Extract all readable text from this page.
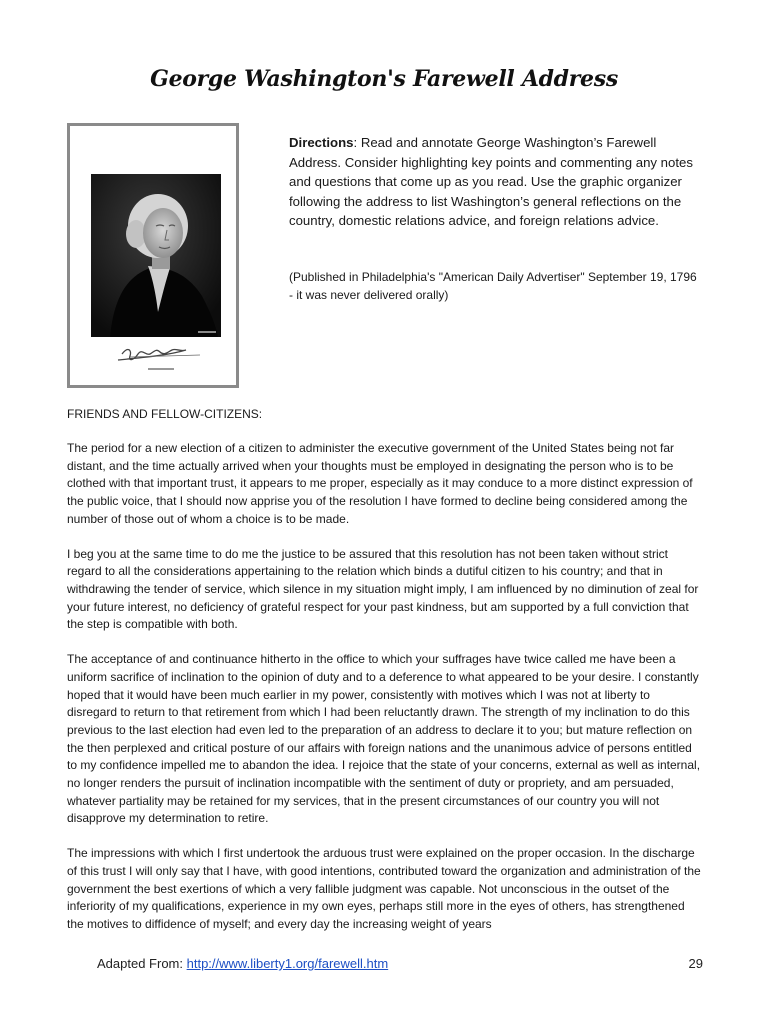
George Washington's Farewell Address
Directions: Read and annotate George Washington’s Farewell Address. Consider highlighting key points and commenting any notes and questions that come up as you read. Use the graphic organizer following the address to list Washington’s general reflections on the country, domestic relations advice, and foreign relations advice.
(Published in Philadelphia's "American Daily Advertiser" September 19, 1796 - it was never delivered orally)
FRIENDS AND FELLOW-CITIZENS:

The period for a new election of a citizen to administer the executive government of the United States being not far distant, and the time actually arrived when your thoughts must be employed in designating the person who is to be clothed with that important trust, it appears to me proper, especially as it may conduce to a more distinct expression of the public voice, that I should now apprise you of the resolution I have formed to decline being considered among the number of those out of whom a choice is to be made.

I beg you at the same time to do me the justice to be assured that this resolution has not been taken without strict regard to all the considerations appertaining to the relation which binds a dutiful citizen to his country; and that in withdrawing the tender of service, which silence in my situation might imply, I am influenced by no diminution of zeal for your future interest, no deficiency of grateful respect for your past kindness, but am supported by a full conviction that the step is compatible with both.

The acceptance of and continuance hitherto in the office to which your suffrages have twice called me have been a uniform sacrifice of inclination to the opinion of duty and to a deference to what appeared to be your desire. I constantly hoped that it would have been much earlier in my power, consistently with motives which I was not at liberty to disregard to return to that retirement from which I had been reluctantly drawn. The strength of my inclination to do this previous to the last election had even led to the preparation of an address to declare it to you; but mature reflection on the then perplexed and critical posture of our affairs with foreign nations and the unanimous advice of persons entitled to my confidence impelled me to abandon the idea. I rejoice that the state of your concerns, external as well as internal, no longer renders the pursuit of inclination incompatible with the sentiment of duty or propriety, and am persuaded, whatever partiality may be retained for my services, that in the present circumstances of our country you will not disapprove my determination to retire.

The impressions with which I first undertook the arduous trust were explained on the proper occasion. In the discharge of this trust I will only say that I have, with good intentions, contributed toward the organization and administration of the government the best exertions of which a very fallible judgment was capable. Not unconscious in the outset of the inferiority of my qualifications, experience in my own eyes, perhaps still more in the eyes of others, has strengthened the motives to diffidence of myself; and every day the increasing weight of years

Adapted From: http://www.liberty1.org/farewell.htm	29
